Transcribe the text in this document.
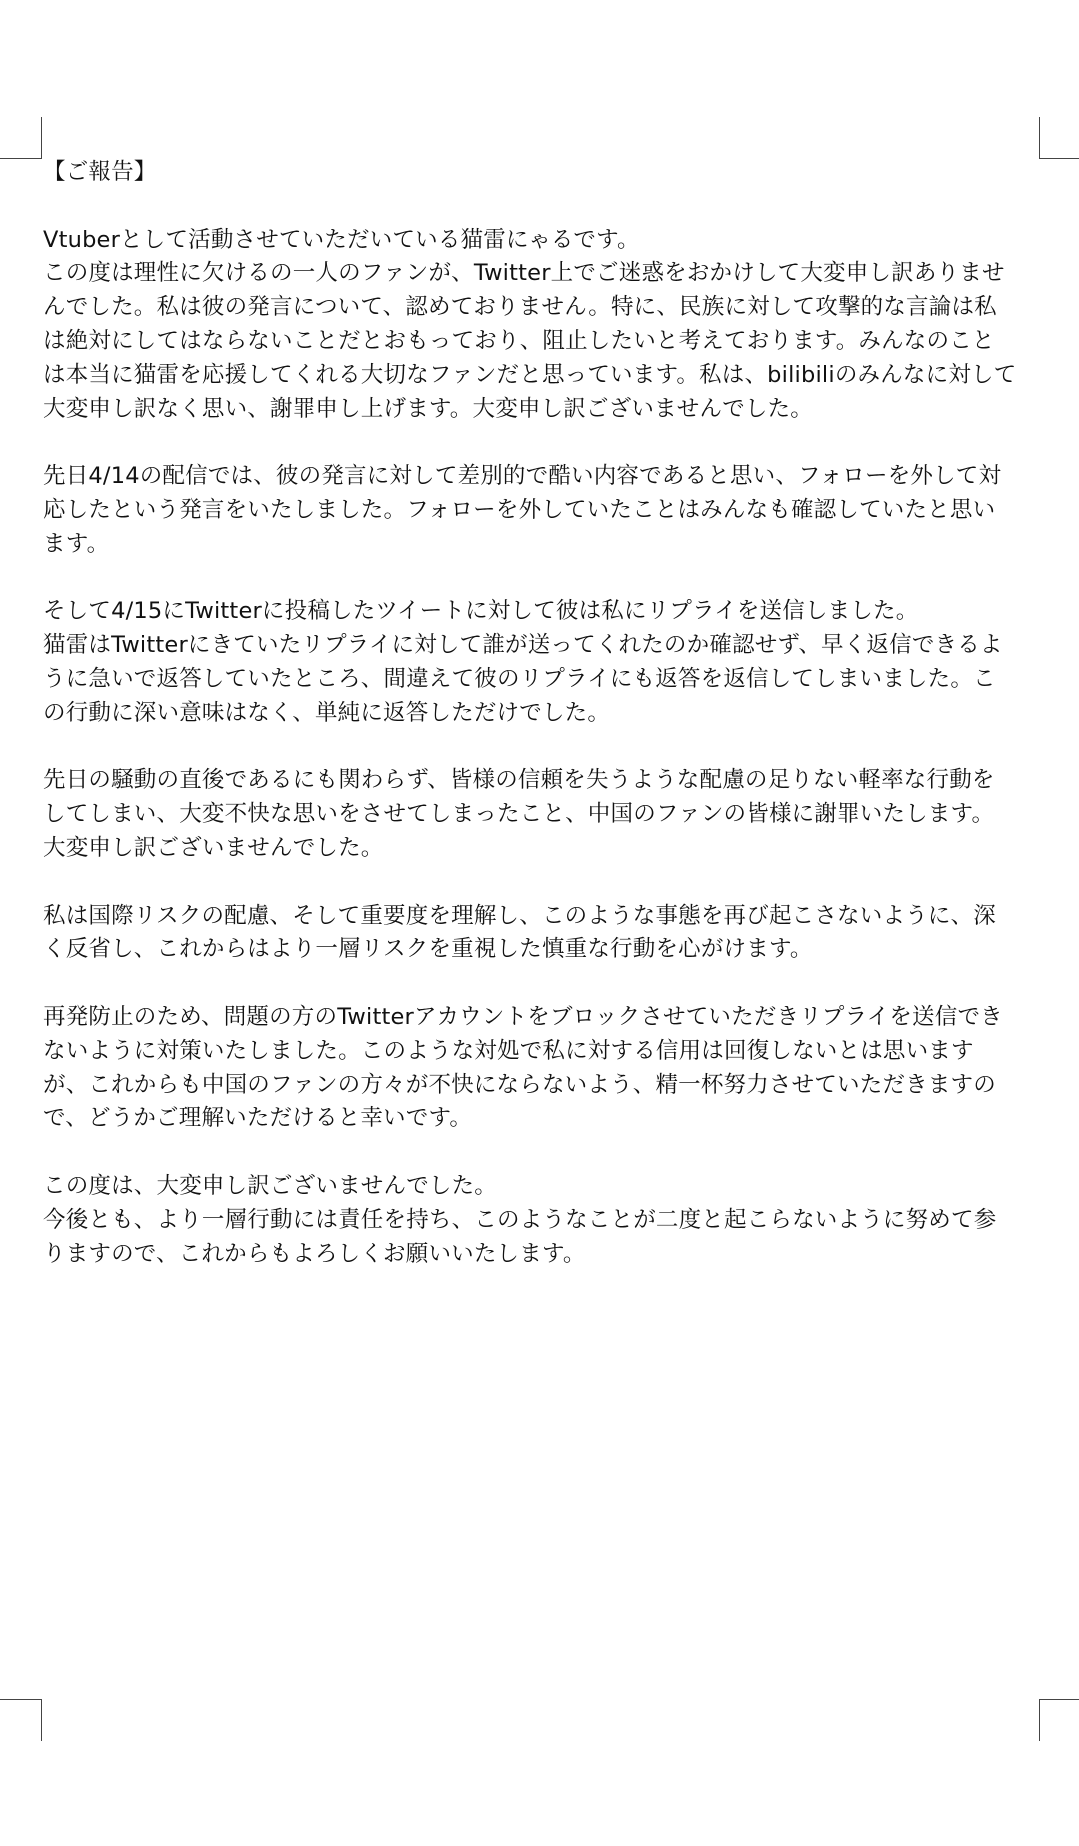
【ご報告】

Vtuberとして活動させていただいている猫雷にゃるです。

この度は理性に欠けるの一人のファンが、Twitter上でご迷惑をおかけして大変申し訳ありませ

んでした。私は彼の発言について、認めておりません。特に、民族に対して攻撃的な言論は私

は絶対にしてはならないことだとおもっており、阻止したいと考えております。みんなのこと

は本当に猫雷を応援してくれる大切なファンだと思っています。私は、bilibiliのみんなに対して

大変申し訳なく思い、謝罪申し上げます。大変申し訳ございませんでした。

先日4/14の配信では、彼の発言に対して差別的で酷い内容であると思い、フォローを外して対

応したという発言をいたしました。フォローを外していたことはみんなも確認していたと思い

ます。

そして4/15にTwitterに投稿したツイートに対して彼は私にリプライを送信しました。

猫雷はTwitterにきていたリプライに対して誰が送ってくれたのか確認せず、早く返信できるよ

うに急いで返答していたところ、間違えて彼のリプライにも返答を返信してしまいました。こ

の行動に深い意味はなく、単純に返答しただけでした。

先日の騒動の直後であるにも関わらず、皆様の信頼を失うような配慮の足りない軽率な行動を

してしまい、大変不快な思いをさせてしまったこと、中国のファンの皆様に謝罪いたします。

大変申し訳ございませんでした。

私は国際リスクの配慮、そして重要度を理解し、このような事態を再び起こさないように、深

く反省し、これからはより一層リスクを重視した慎重な行動を心がけます。

再発防止のため、問題の方のTwitterアカウントをブロックさせていただきリプライを送信でき

ないように対策いたしました。このような対処で私に対する信用は回復しないとは思います

が、これからも中国のファンの方々が不快にならないよう、精一杯努力させていただきますの

で、どうかご理解いただけると幸いです。

この度は、大変申し訳ございませんでした。

今後とも、より一層行動には責任を持ち、このようなことが二度と起こらないように努めて参

りますので、これからもよろしくお願いいたします。
